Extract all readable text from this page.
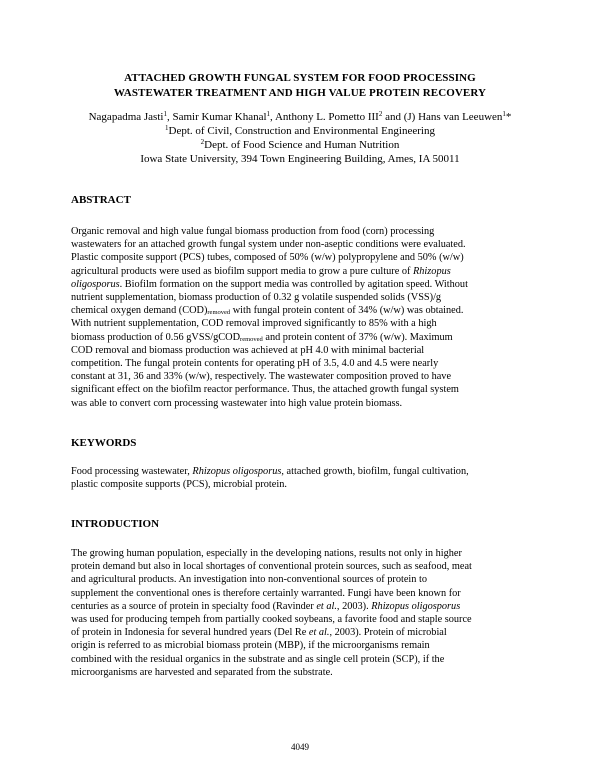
ATTACHED GROWTH FUNGAL SYSTEM FOR FOOD PROCESSING
WASTEWATER TREATMENT AND HIGH VALUE PROTEIN RECOVERY
Nagapadma Jasti$^1$, Samir Kumar Khanal$^1$, Anthony L. Pometto III$^2$ and (J) Hans van Leeuwen$^1$*
$^1$Dept. of Civil, Construction and Environmental Engineering
$^2$Dept. of Food Science and Human Nutrition
Iowa State University, 394 Town Engineering Building, Ames, IA 50011
ABSTRACT
Organic removal and high value fungal biomass production from food (corn) processing
wastewaters for an attached growth fungal system under non-aseptic conditions were evaluated.
Plastic composite support (PCS) tubes, composed of 50% (w/w) polypropylene and 50% (w/w)
agricultural products were used as biofilm support media to grow a pure culture of Rhizopus
oligosporus. Biofilm formation on the support media was controlled by agitation speed. Without
nutrient supplementation, biomass production of 0.32 g volatile suspended solids (VSS)/g
chemical oxygen demand $(COD)_{removed}$ with fungal protein content of 34% (w/w) was obtained.
With nutrient supplementation, COD removal improved significantly to 85% with a high
biomass production of 0.56 gVSS/gCOD$_{removed}$ and protein content of 37% (w/w). Maximum
COD removal and biomass production was achieved at pH 4.0 with minimal bacterial
competition. The fungal protein contents for operating pH of 3.5, 4.0 and 4.5 were nearly
constant at 31, 36 and 33% (w/w), respectively. The wastewater composition proved to have
significant effect on the biofilm reactor performance. Thus, the attached growth fungal system
was able to convert corn processing wastewater into high value protein biomass.
KEYWORDS
Food processing wastewater, Rhizopus oligosporus, attached growth, biofilm, fungal cultivation,
plastic composite supports (PCS), microbial protein.
INTRODUCTION
The growing human population, especially in the developing nations, results not only in higher
protein demand but also in local shortages of conventional protein sources, such as seafood, meat
and agricultural products. An investigation into non-conventional sources of protein to
supplement the conventional ones is therefore certainly warranted. Fungi have been known for
centuries as a source of protein in specialty food (Ravinder et al., 2003). Rhizopus oligosporus
was used for producing tempeh from partially cooked soybeans, a favorite food and staple source
of protein in Indonesia for several hundred years (Del Re et al., 2003). Protein of microbial
origin is referred to as microbial biomass protein (MBP), if the microorganisms remain
combined with the residual organics in the substrate and as single cell protein (SCP), if the
microorganisms are harvested and separated from the substrate.
4049
